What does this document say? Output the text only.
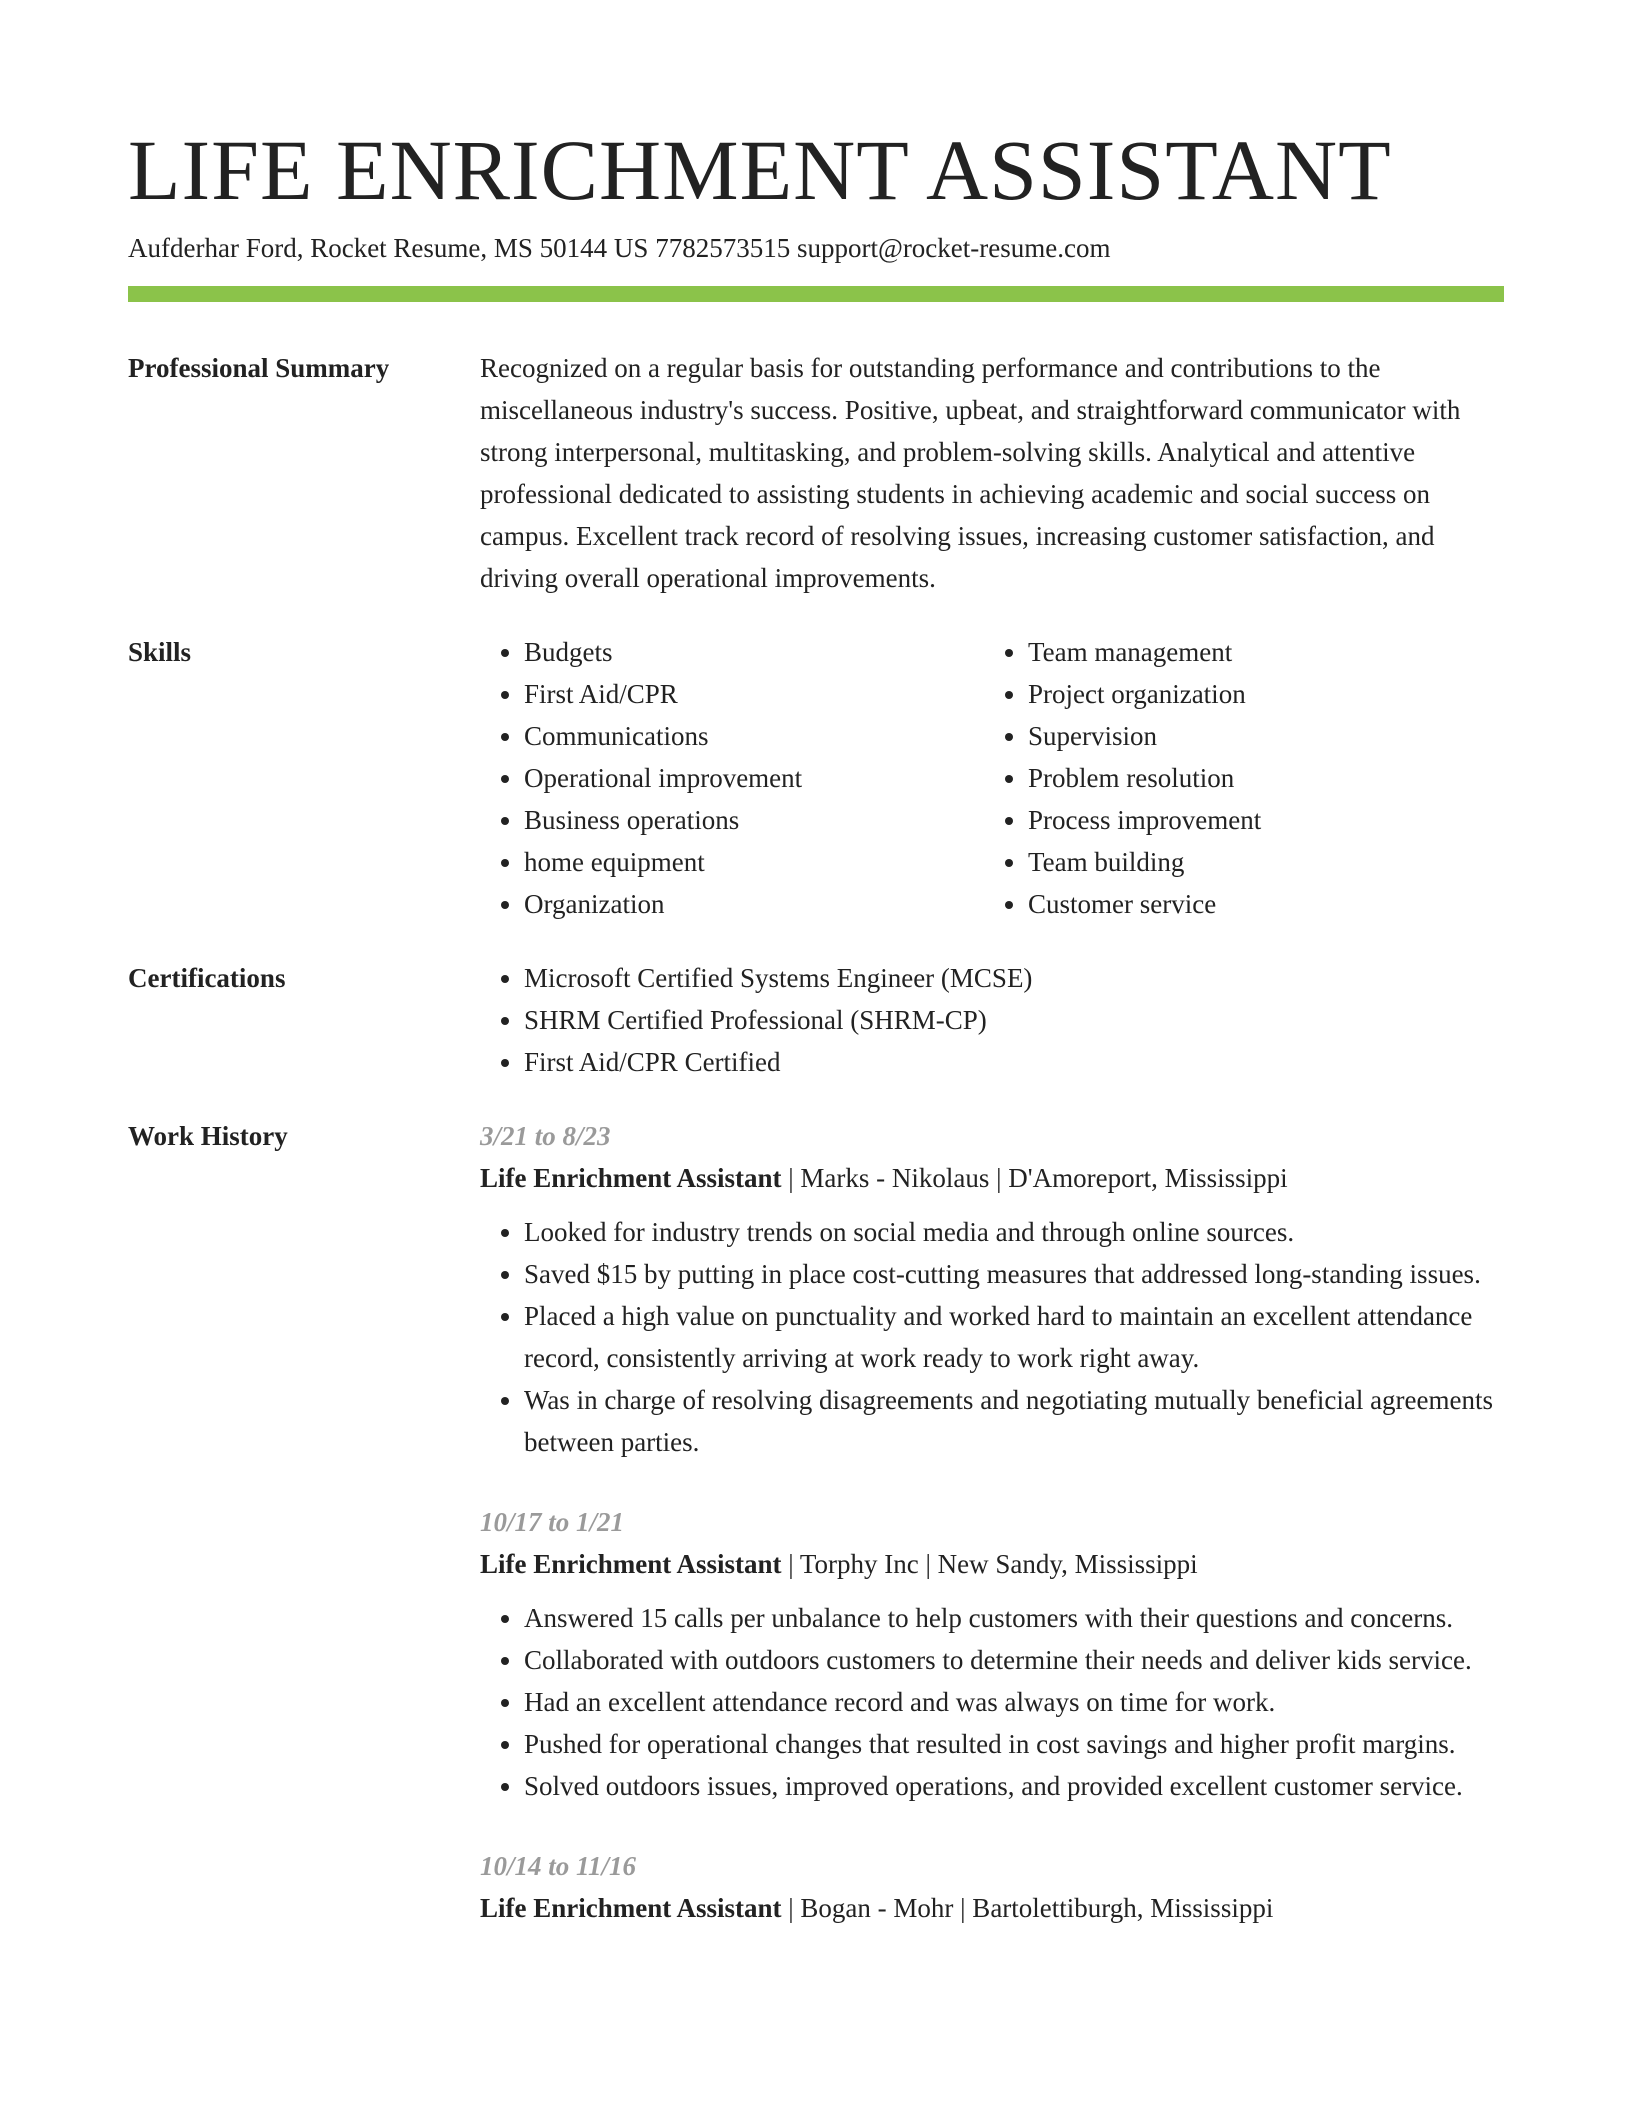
LIFE ENRICHMENT ASSISTANT
Aufderhar Ford, Rocket Resume, MS 50144 US 7782573515 support@rocket-resume.com
Professional Summary	Recognized on a regular basis for outstanding performance and contributions to the miscellaneous industry's success. Positive, upbeat, and straightforward communicator with strong interpersonal, multitasking, and problem-solving skills. Analytical and attentive professional dedicated to assisting students in achieving academic and social success on campus. Excellent track record of resolving issues, increasing customer satisfaction, and driving overall operational improvements.

Skills	• Budgets
• First Aid/CPR
• Communications
• Operational improvement
• Business operations
• home equipment
• Organization
• Team management
• Project organization
• Supervision
• Problem resolution
• Process improvement
• Team building
• Customer service
Certifications	• Microsoft Certified Systems Engineer (MCSE)
• SHRM Certified Professional (SHRM-CP)
• First Aid/CPR Certified
Work History	3/21 to 8/23
Life Enrichment Assistant | Marks - Nikolaus | D'Amoreport, Mississippi
• Looked for industry trends on social media and through online sources.
• Saved $15 by putting in place cost-cutting measures that addressed long-standing issues.
• Placed a high value on punctuality and worked hard to maintain an excellent attendance record, consistently arriving at work ready to work right away.
• Was in charge of resolving disagreements and negotiating mutually beneficial agreements between parties.
10/17 to 1/21
Life Enrichment Assistant | Torphy Inc | New Sandy, Mississippi
• Answered 15 calls per unbalance to help customers with their questions and concerns.
• Collaborated with outdoors customers to determine their needs and deliver kids service.
• Had an excellent attendance record and was always on time for work.
• Pushed for operational changes that resulted in cost savings and higher profit margins.
• Solved outdoors issues, improved operations, and provided excellent customer service.
10/14 to 11/16
Life Enrichment Assistant | Bogan - Mohr | Bartolettiburgh, Mississippi
